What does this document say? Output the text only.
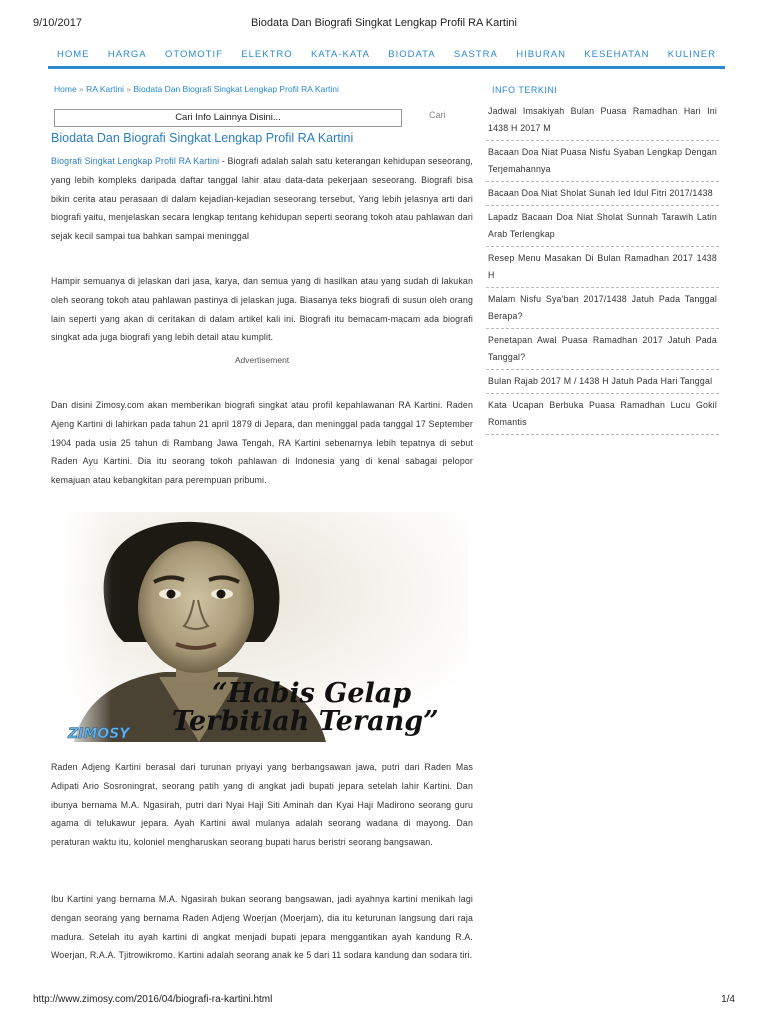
9/10/2017	Biodata Dan Biografi Singkat Lengkap Profil RA Kartini
HOME	HARGA	OTOMOTIF	ELEKTRO	KATA-KATA	BIODATA	SASTRA	HIBURAN	KESEHATAN	KULINER
Home » RA Kartini » Biodata Dan Biografi Singkat Lengkap Profil RA Kartini
Cari Info Lainnya Disini...	Cari
Biodata Dan Biografi Singkat Lengkap Profil RA Kartini

Biografi Singkat Lengkap Profil RA Kartini - Biografi adalah salah satu keterangan kehidupan seseorang, yang lebih kompleks daripada daftar tanggal lahir atau data-data pekerjaan seseorang. Biografi bisa bikin cerita atau perasaan di dalam kejadian-kejadian seseorang tersebut, Yang lebih jelasnya arti dari biografi yaitu, menjelaskan secara lengkap tentang kehidupan seperti seorang tokoh atau pahlawan dari sejak kecil sampai tua bahkan sampai meninggal

Hampir semuanya di jelaskan dari jasa, karya, dan semua yang di hasilkan atau yang sudah di lakukan oleh seorang tokoh atau pahlawan pastinya di jelaskan juga. Biasanya teks biografi di susun oleh orang lain seperti yang akan di ceritakan di dalam artikel kali ini. Biografi itu bemacam-macam ada biografi singkat ada juga biografi yang lebih detail atau kumplit.

Advertisement

Dan disini Zimosy.com akan memberikan biografi singkat atau profil kepahlawanan RA Kartini. Raden Ajeng Kartini di lahirkan pada tahun 21 april 1879 di Jepara, dan meninggal pada tanggal 17 September 1904 pada usia 25 tahun di Rambang Jawa Tengah, RA Kartini sebenarnya lebih tepatnya di sebut Raden Ayu Kartini. Dia itu seorang tokoh pahlawan di Indonesia yang di kenal sabagai pelopor kemajuan atau kebangkitan para perempuan pribumi.

“Habis Gelap
Terbitlah Terang”
ZIMOSY

Raden Adjeng Kartini berasal dari turunan priyayi yang berbangsawan jawa, putri dari Raden Mas Adipati Ario Sosroningrat, seorang patih yang di angkat jadi bupati jepara setelah lahir Kartini. Dan ibunya bernama M.A. Ngasirah, putri dari Nyai Haji Siti Aminah dan Kyai Haji Madirono seorang guru agama di telukawur jepara. Ayah Kartini awal mulanya adalah seorang wadana di mayong. Dan peraturan waktu itu, koloniel mengharuskan seorang bupati harus beristri seorang bangsawan.

Ibu Kartini yang bernama M.A. Ngasirah bukan seorang bangsawan, jadi ayahnya kartini menikah lagi dengan seorang yang bernama Raden Adjeng Woerjan (Moerjam), dia itu keturunan langsung dari raja madura. Setelah itu ayah kartini di angkat menjadi bupati jepara menggantikan ayah kandung R.A. Woerjan, R.A.A. Tjitrowikromo. Kartini adalah seorang anak ke 5 dari 11 sodara kandung dan sodara tiri.

INFO TERKINI
Jadwal Imsakiyah Bulan Puasa Ramadhan Hari Ini 1438 H 2017 M
Bacaan Doa Niat Puasa Nisfu Syaban Lengkap Dengan Terjemahannya
Bacaan Doa Niat Sholat Sunah Ied Idul Fitri 2017/1438
Lapadz Bacaan Doa Niat Sholat Sunnah Tarawih Latin Arab Terlengkap
Resep Menu Masakan Di Bulan Ramadhan 2017 1438 H
Malam Nisfu Sya'ban 2017/1438 Jatuh Pada Tanggal Berapa?
Penetapan Awal Puasa Ramadhan 2017 Jatuh Pada Tanggal?
Bulan Rajab 2017 M / 1438 H Jatuh Pada Hari Tanggal
Kata Ucapan Berbuka Puasa Ramadhan Lucu Gokil Romantis
http://www.zimosy.com/2016/04/biografi-ra-kartini.html	1/4
